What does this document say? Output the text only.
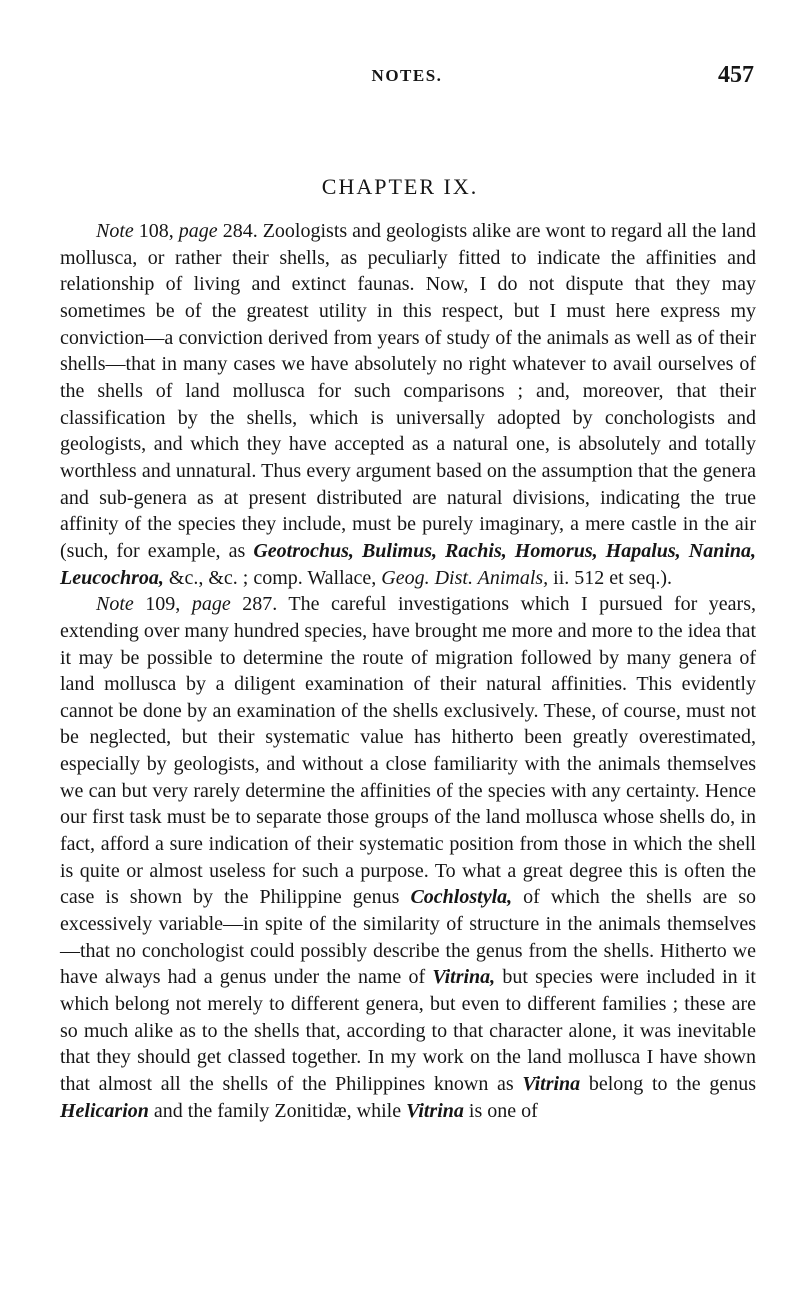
NOTES.	457
CHAPTER IX.

Note 108, page 284. Zoologists and geologists alike are wont to regard all the land mollusca, or rather their shells, as peculiarly fitted to indicate the affinities and relationship of living and extinct faunas. Now, I do not dispute that they may sometimes be of the greatest utility in this respect, but I must here express my conviction—a conviction derived from years of study of the animals as well as of their shells—that in many cases we have absolutely no right whatever to avail ourselves of the shells of land mollusca for such comparisons ; and, moreover, that their classification by the shells, which is universally adopted by conchologists and geologists, and which they have accepted as a natural one, is absolutely and totally worthless and unnatural. Thus every argument based on the assumption that the genera and sub-genera as at present distributed are natural divisions, indicating the true affinity of the species they include, must be purely imaginary, a mere castle in the air (such, for example, as Geotrochus, Bulimus, Rachis, Homorus, Hapalus, Nanina, Leucochroa, &c., &c. ; comp. Wallace, Geog. Dist. Animals, ii. 512 et seq.).

Note 109, page 287. The careful investigations which I pursued for years, extending over many hundred species, have brought me more and more to the idea that it may be possible to determine the route of migration followed by many genera of land mollusca by a diligent examination of their natural affinities. This evidently cannot be done by an examination of the shells exclusively. These, of course, must not be neglected, but their systematic value has hitherto been greatly overestimated, especially by geologists, and without a close familiarity with the animals themselves we can but very rarely determine the affinities of the species with any certainty. Hence our first task must be to separate those groups of the land mollusca whose shells do, in fact, afford a sure indication of their systematic position from those in which the shell is quite or almost useless for such a purpose. To what a great degree this is often the case is shown by the Philippine genus Cochlostyla, of which the shells are so excessively variable—in spite of the similarity of structure in the animals themselves—that no conchologist could possibly describe the genus from the shells. Hitherto we have always had a genus under the name of Vitrina, but species were included in it which belong not merely to different genera, but even to different families ; these are so much alike as to the shells that, according to that character alone, it was inevitable that they should get classed together. In my work on the land mollusca I have shown that almost all the shells of the Philippines known as Vitrina belong to the genus Helicarion and the family Zonitidæ, while Vitrina is one of
